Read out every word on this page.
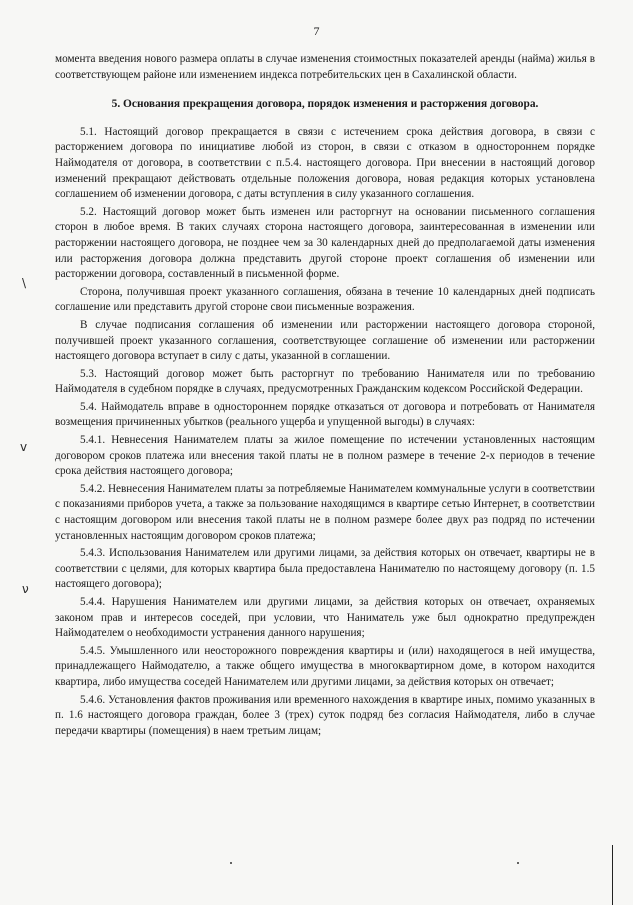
7

момента введения нового размера оплаты в случае изменения стоимостных показателей аренды (найма) жилья в соответствующем районе или изменением индекса потребительских цен в Сахалинской области.

5. Основания прекращения договора, порядок изменения и расторжения договора.

5.1. Настоящий договор прекращается в связи с истечением срока действия договора, в связи с расторжением договора по инициативе любой из сторон, в связи с отказом в одностороннем порядке Наймодателя от договора, в соответствии с п.5.4. настоящего договора. При внесении в настоящий договор изменений прекращают действовать отдельные положения договора, новая редакция которых установлена соглашением об изменении договора, с даты вступления в силу указанного соглашения.

5.2. Настоящий договор может быть изменен или расторгнут на основании письменного соглашения сторон в любое время. В таких случаях сторона настоящего договора, заинтересованная в изменении или расторжении настоящего договора, не позднее чем за 30 календарных дней до предполагаемой даты изменения или расторжения договора должна представить другой стороне проект соглашения об изменении или расторжении договора, составленный в письменной форме.

Сторона, получившая проект указанного соглашения, обязана в течение 10 календарных дней подписать соглашение или представить другой стороне свои письменные возражения.

В случае подписания соглашения об изменении или расторжении настоящего договора стороной, получившей проект указанного соглашения, соответствующее соглашение об изменении или расторжении настоящего договора вступает в силу с даты, указанной в соглашении.

5.3. Настоящий договор может быть расторгнут по требованию Нанимателя или по требованию Наймодателя в судебном порядке в случаях, предусмотренных Гражданским кодексом Российской Федерации.

5.4. Наймодатель вправе в одностороннем порядке отказаться от договора и потребовать от Нанимателя возмещения причиненных убытков (реального ущерба и упущенной выгоды) в случаях:

5.4.1. Невнесения Нанимателем платы за жилое помещение по истечении установленных настоящим договором сроков платежа или внесения такой платы не в полном размере в течение 2-х периодов в течение срока действия настоящего договора;

5.4.2. Невнесения Нанимателем платы за потребляемые Нанимателем коммунальные услуги в соответствии с показаниями приборов учета, а также за пользование находящимся в квартире сетью Интернет, в соответствии с настоящим договором или внесения такой платы не в полном размере более двух раз подряд по истечении установленных настоящим договором сроков платежа;

5.4.3. Использования Нанимателем или другими лицами, за действия которых он отвечает, квартиры не в соответствии с целями, для которых квартира была предоставлена Нанимателю по настоящему договору (п. 1.5 настоящего договора);

5.4.4. Нарушения Нанимателем или другими лицами, за действия которых он отвечает, охраняемых законом прав и интересов соседей, при условии, что Наниматель уже был однократно предупрежден Наймодателем о необходимости устранения данного нарушения;

5.4.5. Умышленного или неосторожного повреждения квартиры и (или) находящегося в ней имущества, принадлежащего Наймодателю, а также общего имущества в многоквартирном доме, в котором находится квартира, либо имущества соседей Нанимателем или другими лицами, за действия которых он отвечает;

5.4.6. Установления фактов проживания или временного нахождения в квартире иных, помимо указанных в п. 1.6 настоящего договора граждан, более 3 (трех) суток подряд без согласия Наймодателя, либо в случае передачи квартиры (помещения) в наем третьим лицам;

\
v
ν
